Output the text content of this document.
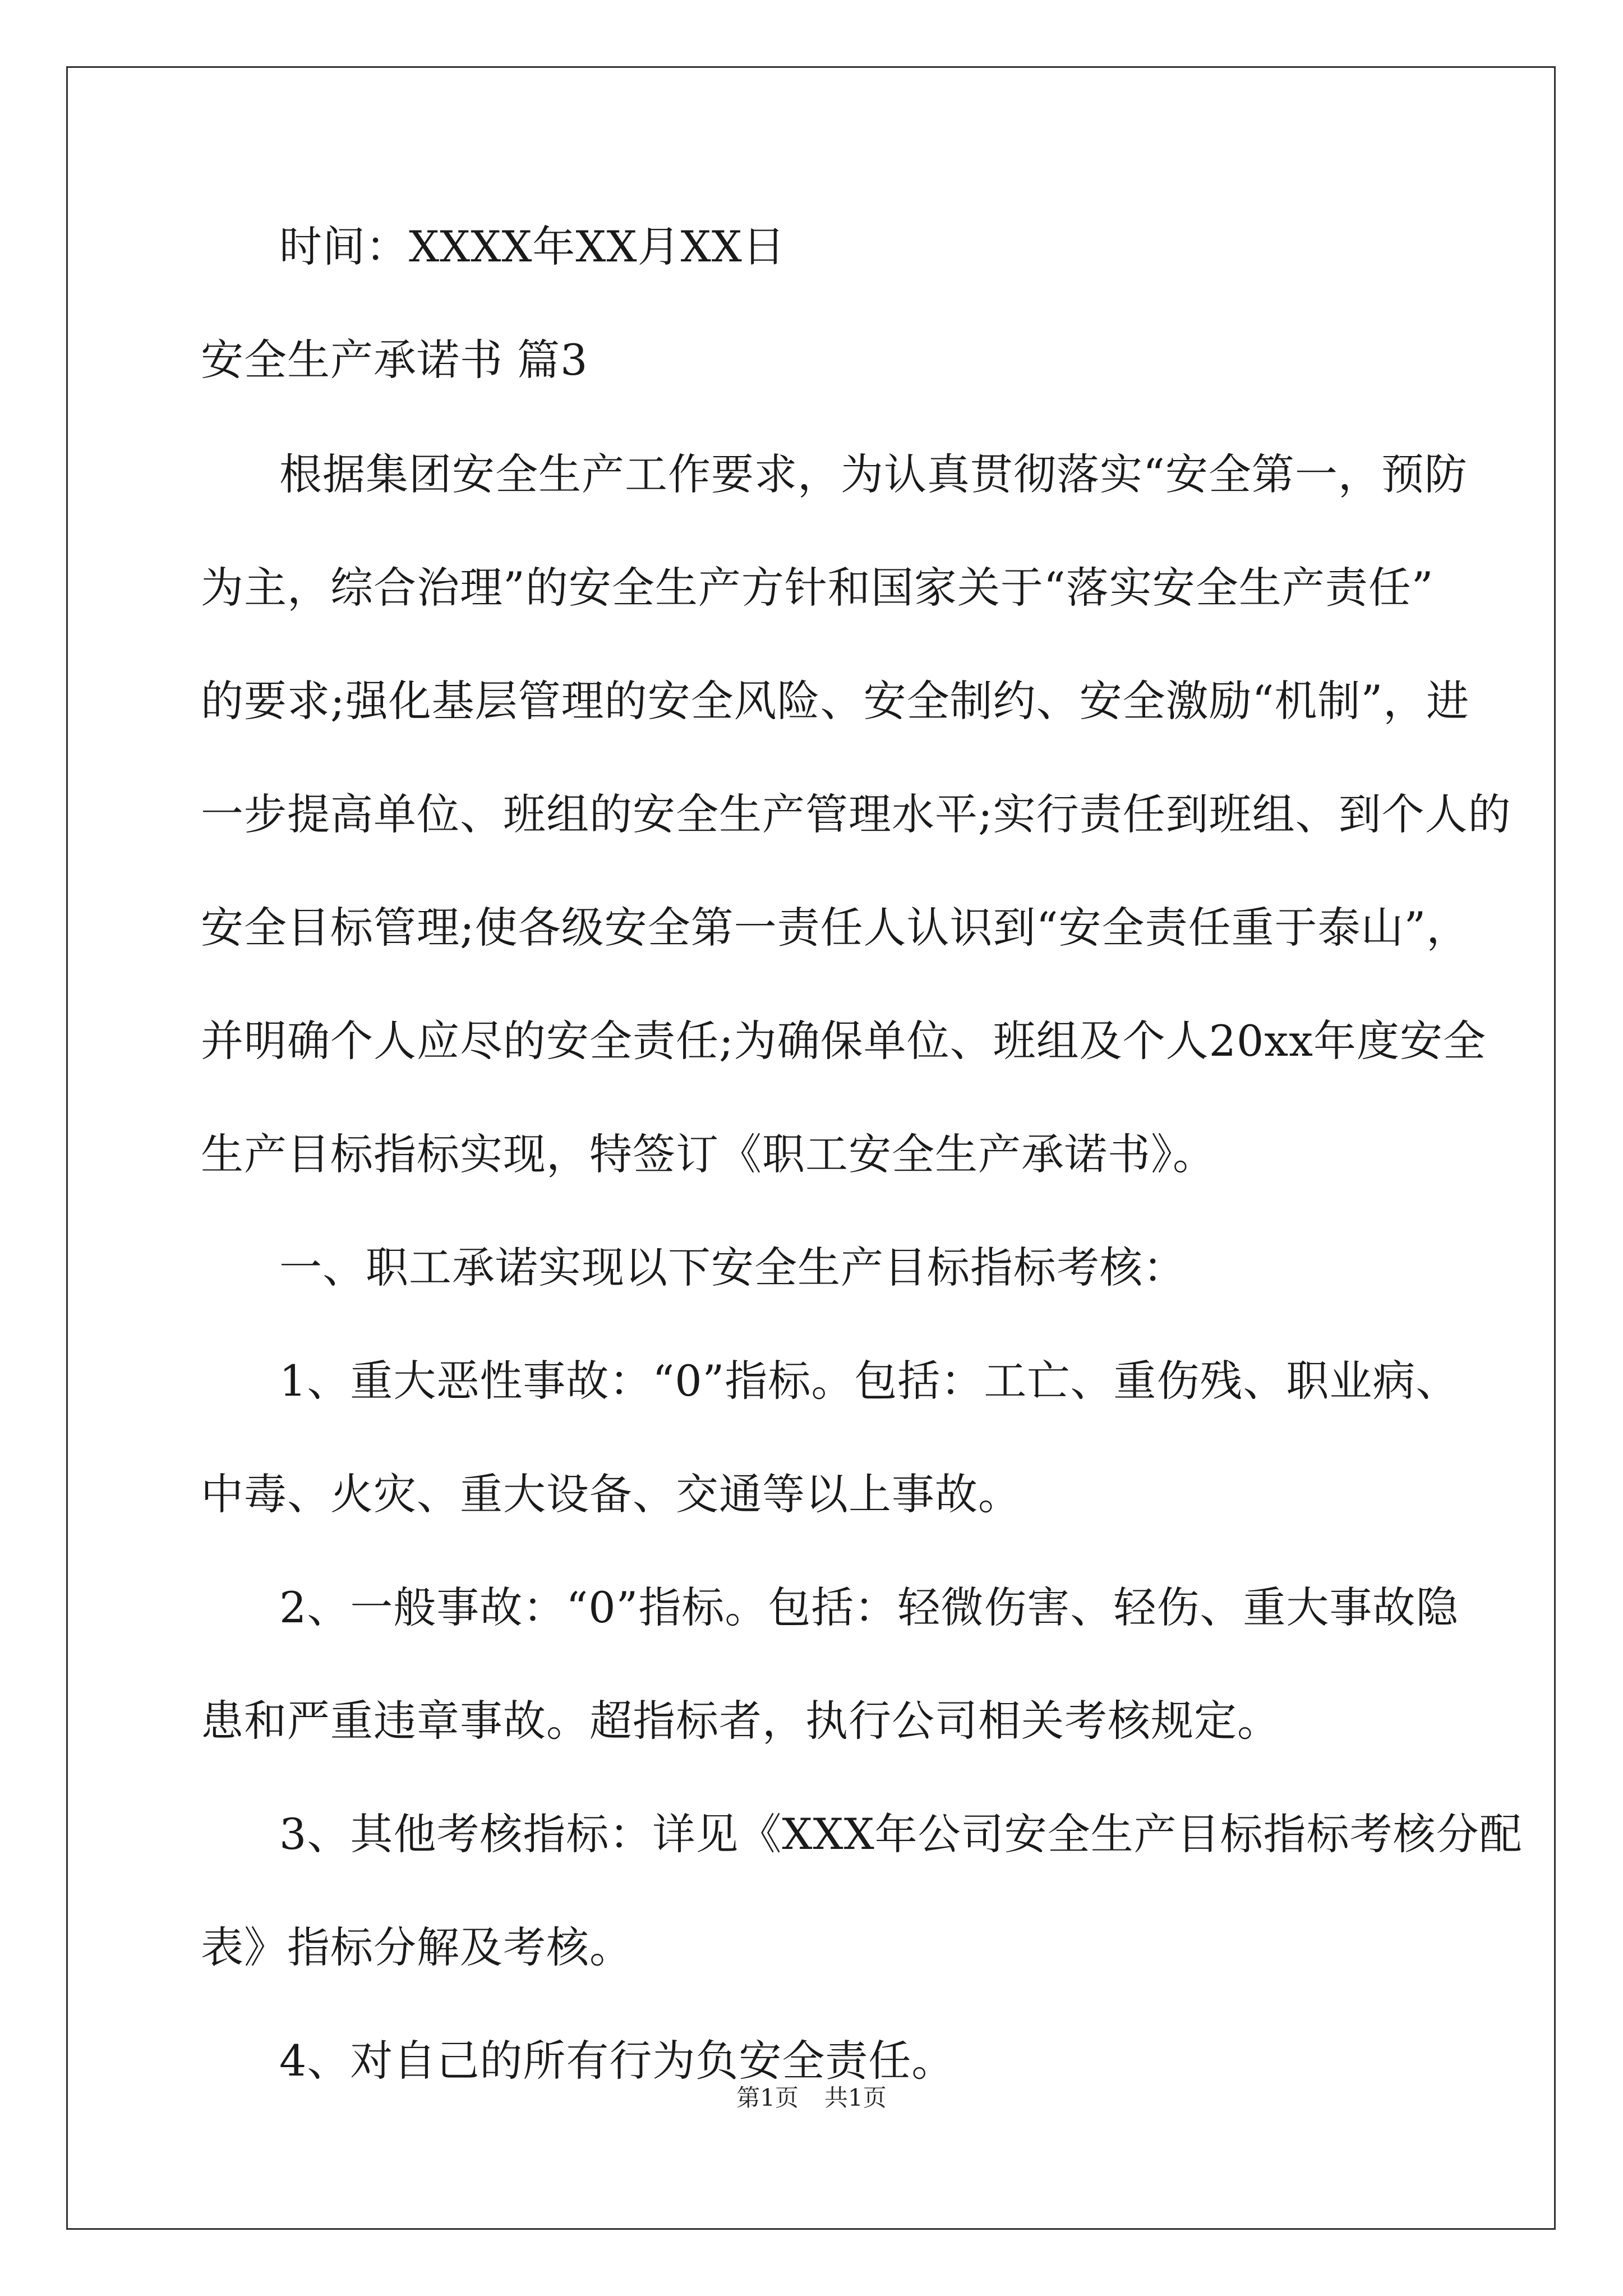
时间：XXXX年XX月XX日
安全生产承诺书 篇3
根据集团安全生产工作要求，为认真贯彻落实“安全第一，预防
为主，综合治理”的安全生产方针和国家关于“落实安全生产责任”
的要求;强化基层管理的安全风险、安全制约、安全激励“机制”，进
一步提高单位、班组的安全生产管理水平;实行责任到班组、到个人的
安全目标管理;使各级安全第一责任人认识到“安全责任重于泰山”，
并明确个人应尽的安全责任;为确保单位、班组及个人20xx年度安全
生产目标指标实现，特签订《职工安全生产承诺书》。
一、职工承诺实现以下安全生产目标指标考核：
1、重大恶性事故：“0”指标。包括：工亡、重伤残、职业病、
中毒、火灾、重大设备、交通等以上事故。
2、一般事故：“0”指标。包括：轻微伤害、轻伤、重大事故隐
患和严重违章事故。超指标者，执行公司相关考核规定。
3、其他考核指标：详见《XXX年公司安全生产目标指标考核分配
表》指标分解及考核。
4、对自己的所有行为负安全责任。
第1页 共1页
